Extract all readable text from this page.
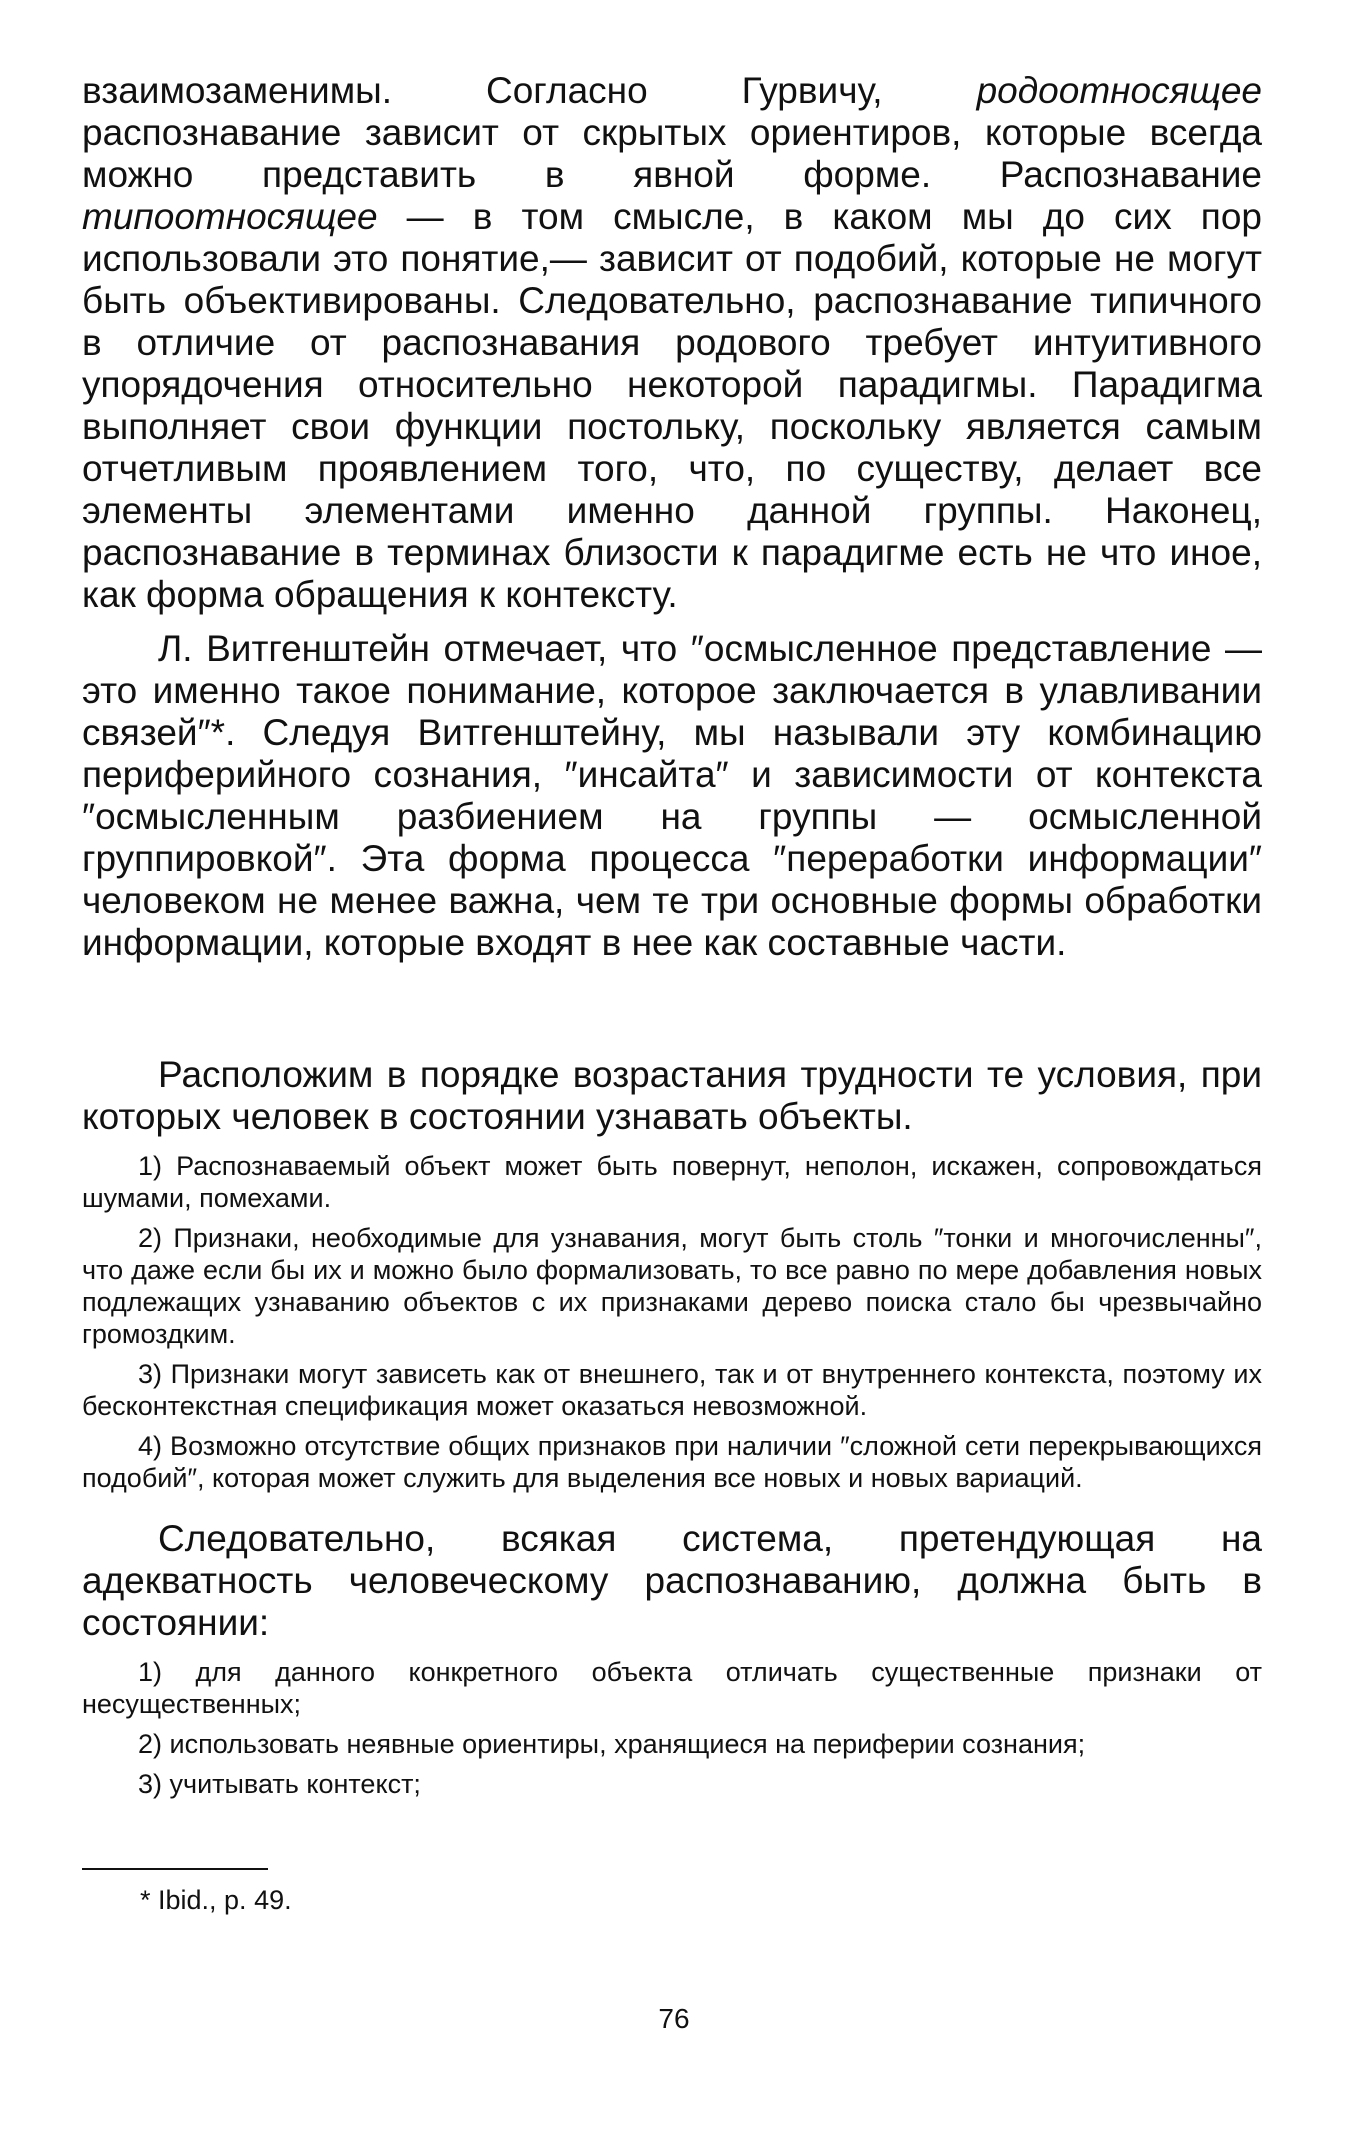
взаимозаменимы. Согласно Гурвичу, родоотносящее распознавание зависит от скрытых ориентиров, которые всегда можно представить в явной форме. Распознавание типоотносящее — в том смысле, в каком мы до сих пор использовали это понятие,— зависит от подобий, которые не могут быть объективированы. Следовательно, распознавание типичного в отличие от распознавания родового требует интуитивного упорядочения относительно некоторой парадигмы. Парадигма выполняет свои функции постольку, поскольку является самым отчетливым проявлением того, что, по существу, делает все элементы элементами именно данной группы. Наконец, распознавание в терминах близости к парадигме есть не что иное, как форма обращения к контексту.

Л. Витгенштейн отмечает, что ″осмысленное представление — это именно такое понимание, которое заключается в улавливании связей″*. Следуя Витгенштейну, мы называли эту комбинацию периферийного сознания, ″инсайта″ и зависимости от контекста ″осмысленным разбиением на группы — осмысленной группировкой″. Эта форма процесса ″переработки информации″ человеком не менее важна, чем те три основные формы обработки информации, которые входят в нее как составные части.

Расположим в порядке возрастания трудности те условия, при которых человек в состоянии узнавать объекты.

1) Распознаваемый объект может быть повернут, неполон, искажен, сопровождаться шумами, помехами.

2) Признаки, необходимые для узнавания, могут быть столь ″тонки и многочисленны″, что даже если бы их и можно было формализовать, то все равно по мере добавления новых подлежащих узнаванию объектов с их признаками дерево поиска стало бы чрезвычайно громоздким.

3) Признаки могут зависеть как от внешнего, так и от внутреннего контекста, поэтому их бесконтекстная спецификация может оказаться невозможной.

4) Возможно отсутствие общих признаков при наличии ″сложной сети перекрывающихся подобий″, которая может служить для выделения все новых и новых вариаций.

Следовательно, всякая система, претендующая на адекватность человеческому распознаванию, должна быть в состоянии:

1) для данного конкретного объекта отличать существенные признаки от несущественных;

2) использовать неявные ориентиры, хранящиеся на периферии сознания;

3) учитывать контекст;

* Ibid., p. 49.
76
